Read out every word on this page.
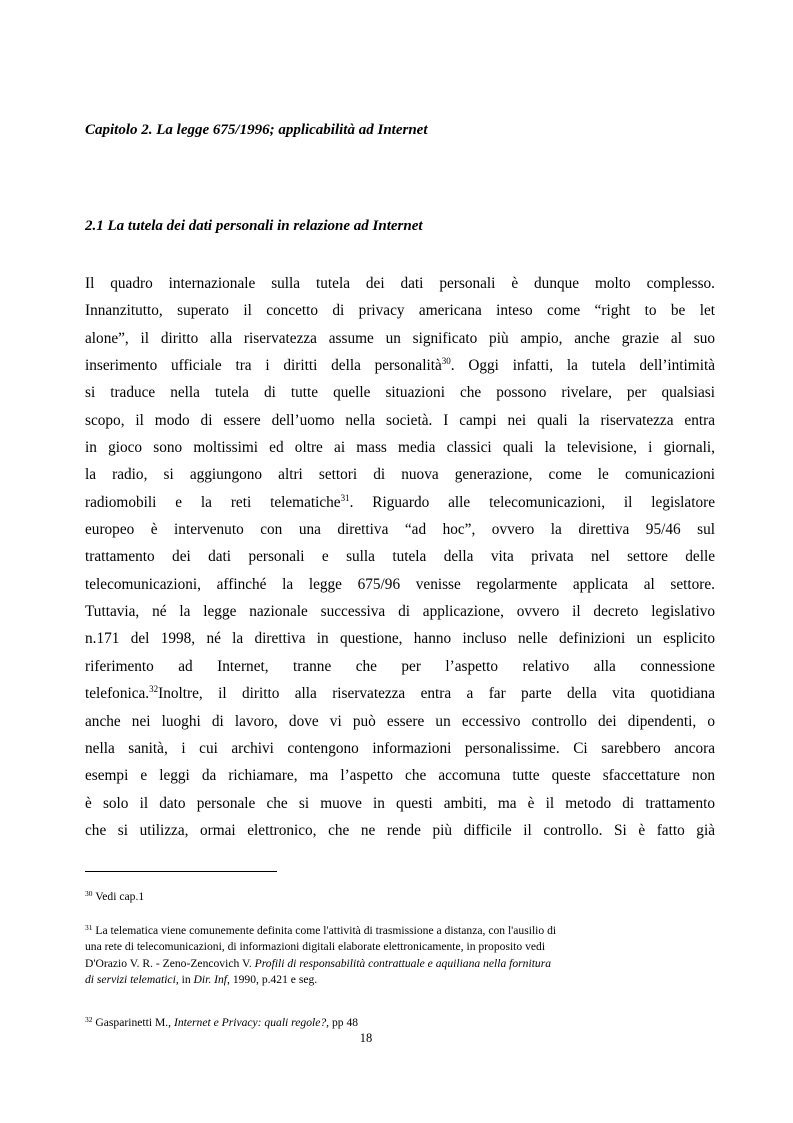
Capitolo 2. La legge 675/1996; applicabilità ad Internet
2.1 La tutela dei dati personali in relazione ad Internet
Il quadro internazionale sulla tutela dei dati personali è dunque molto complesso.
Innanzitutto, superato il concetto di privacy americana inteso come “right to be let
alone”, il diritto alla riservatezza assume un significato più ampio, anche grazie al suo
inserimento ufficiale tra i diritti della personalità$^{30}$. Oggi infatti, la tutela dell’intimità
si traduce nella tutela di tutte quelle situazioni che possono rivelare, per qualsiasi
scopo, il modo di essere dell’uomo nella società. I campi nei quali la riservatezza entra
in gioco sono moltissimi ed oltre ai mass media classici quali la televisione, i giornali,
la radio, si aggiungono altri settori di nuova generazione, come le comunicazioni
radiomobili e la reti telematiche$^{31}$. Riguardo alle telecomunicazioni, il legislatore
europeo è intervenuto con una direttiva “ad hoc”, ovvero la direttiva 95/46 sul
trattamento dei dati personali e sulla tutela della vita privata nel settore delle
telecomunicazioni, affinché la legge 675/96 venisse regolarmente applicata al settore.
Tuttavia, né la legge nazionale successiva di applicazione, ovvero il decreto legislativo
n.171 del 1998, né la direttiva in questione, hanno incluso nelle definizioni un esplicito
riferimento ad Internet, tranne che per l’aspetto relativo alla connessione
telefonica.$^{32}$Inoltre, il diritto alla riservatezza entra a far parte della vita quotidiana
anche nei luoghi di lavoro, dove vi può essere un eccessivo controllo dei dipendenti, o
nella sanità, i cui archivi contengono informazioni personalissime. Ci sarebbero ancora
esempi e leggi da richiamare, ma l’aspetto che accomuna tutte queste sfaccettature non
è solo il dato personale che si muove in questi ambiti, ma è il metodo di trattamento
che si utilizza, ormai elettronico, che ne rende più difficile il controllo. Si è fatto già
$^{30}$ Vedi cap.1
$^{31}$ La telematica viene comunemente definita come l'attività di trasmissione a distanza, con l'ausilio di
una rete di telecomunicazioni, di informazioni digitali elaborate elettronicamente, in proposito vedi
D'Orazio V. R. - Zeno-Zencovich V. Profili di responsabilità contrattuale e aquiliana nella fornitura
di servizi telematici, in Dir. Inf, 1990, p.421 e seg.
$^{32}$ Gasparinetti M., Internet e Privacy: quali regole?, pp 48
18
